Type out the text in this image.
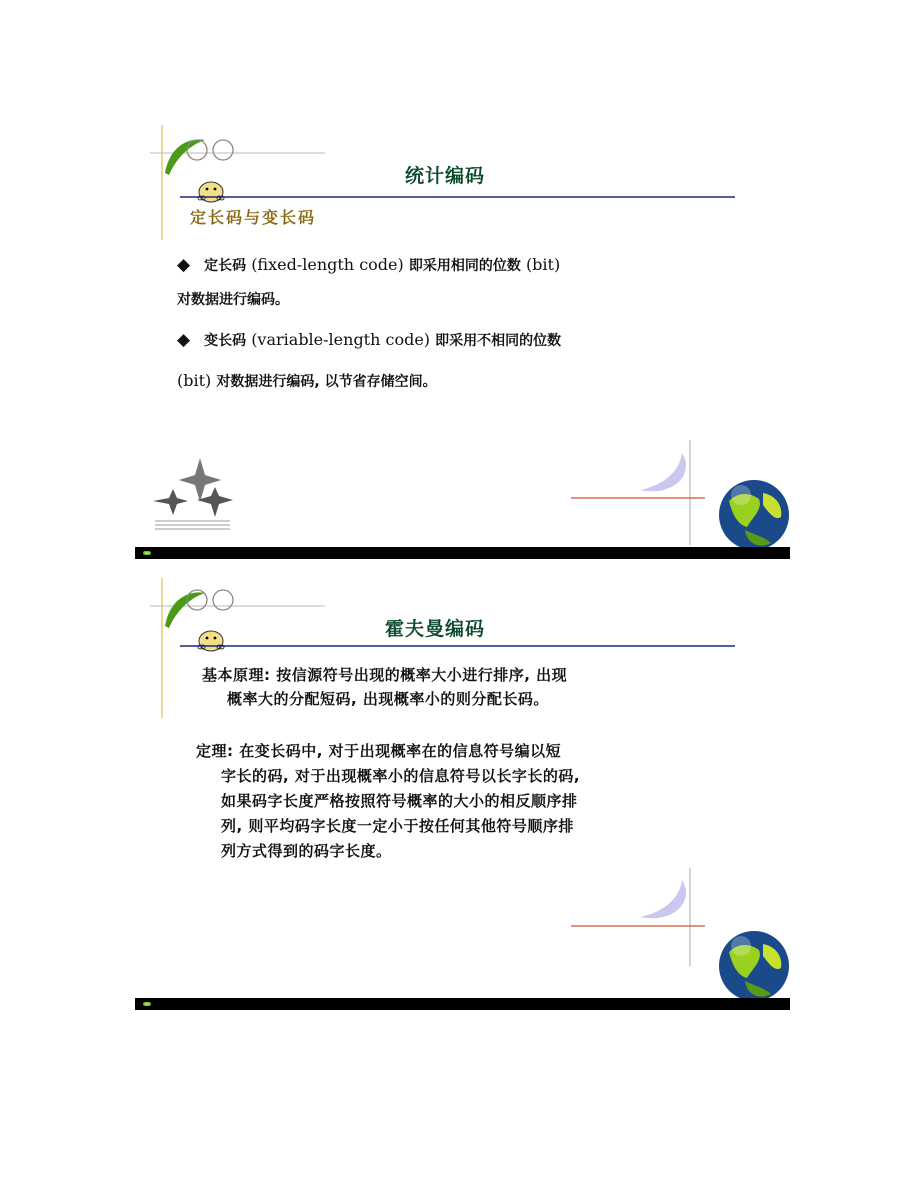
统计编码
定长码与变长码
◆ 定长码 (fixed-length code) 即采用相同的位数 (bit)
对数据进行编码。
◆ 变长码 (variable-length code) 即采用不相同的位数
(bit) 对数据进行编码, 以节省存储空间。
霍夫曼编码
基本原理: 按信源符号出现的概率大小进行排序, 出现
概率大的分配短码, 出现概率小的则分配长码。
定理: 在变长码中, 对于出现概率在的信息符号编以短
字长的码, 对于出现概率小的信息符号以长字长的码,
如果码字长度严格按照符号概率的大小的相反顺序排
列, 则平均码字长度一定小于按任何其他符号顺序排
列方式得到的码字长度。
